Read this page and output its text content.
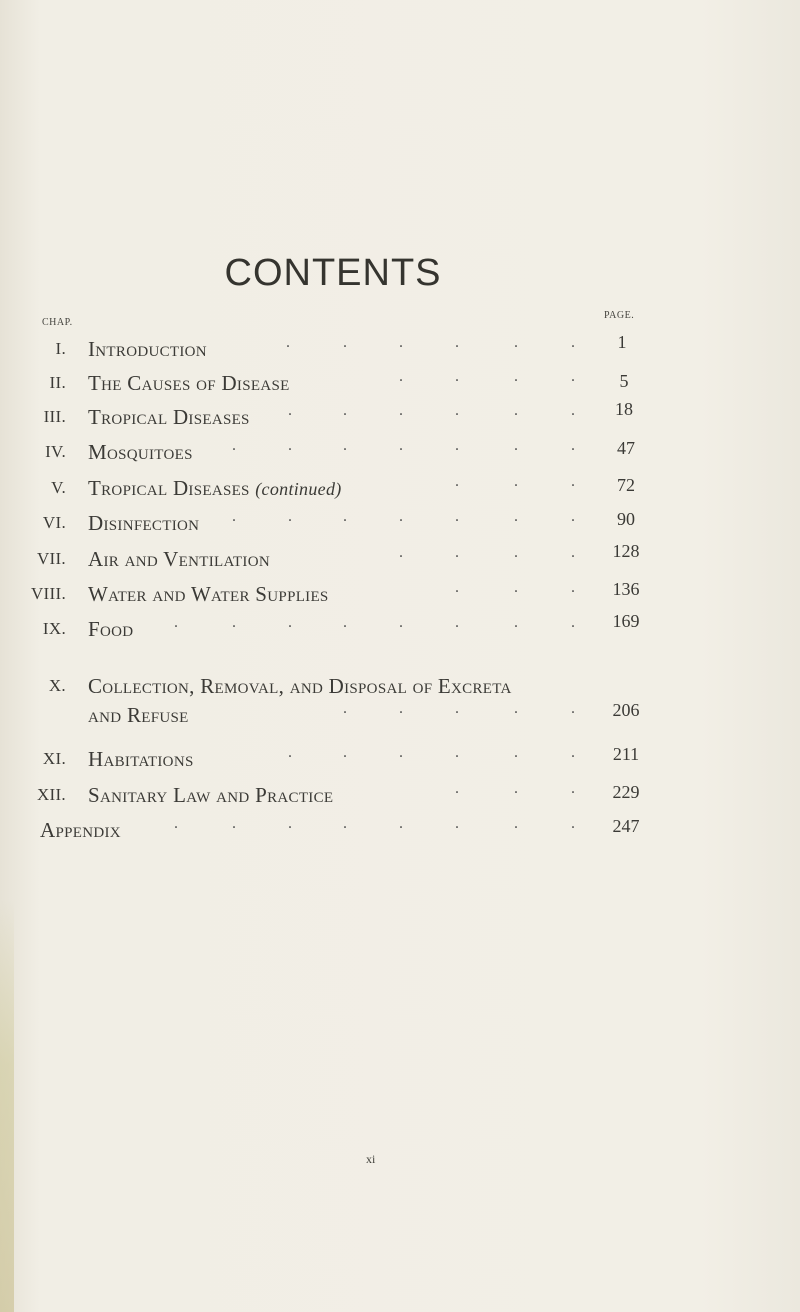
CONTENTS
CHAP.
PAGE.
I. Introduction	.	.	.	.	.	.	1
II. The Causes of Disease	.	.	.	.	5
III. Tropical Diseases .	.	.	.	.	.	18
IV. Mosquitoes .	.	.	.	.	.	.	47
V. Tropical Diseases (continued)	.	.	.	72
VI. Disinfection .	.	.	.	.	.	.	90
VII. Air and Ventilation	.	.	.	.	128
VIII. Water and Water Supplies	.	.	.	136
IX. Food	.	.	.	.	.	.	.	.	169
X. Collection, Removal, and Disposal of Excreta
and Refuse	.	.	.	.	.	206
XI. Habitations	.	.	.	.	.	.	211
XII. Sanitary Law and Practice	.	.	.	229
Appendix	.	.	.	.	.	.	.	.	247
xi
